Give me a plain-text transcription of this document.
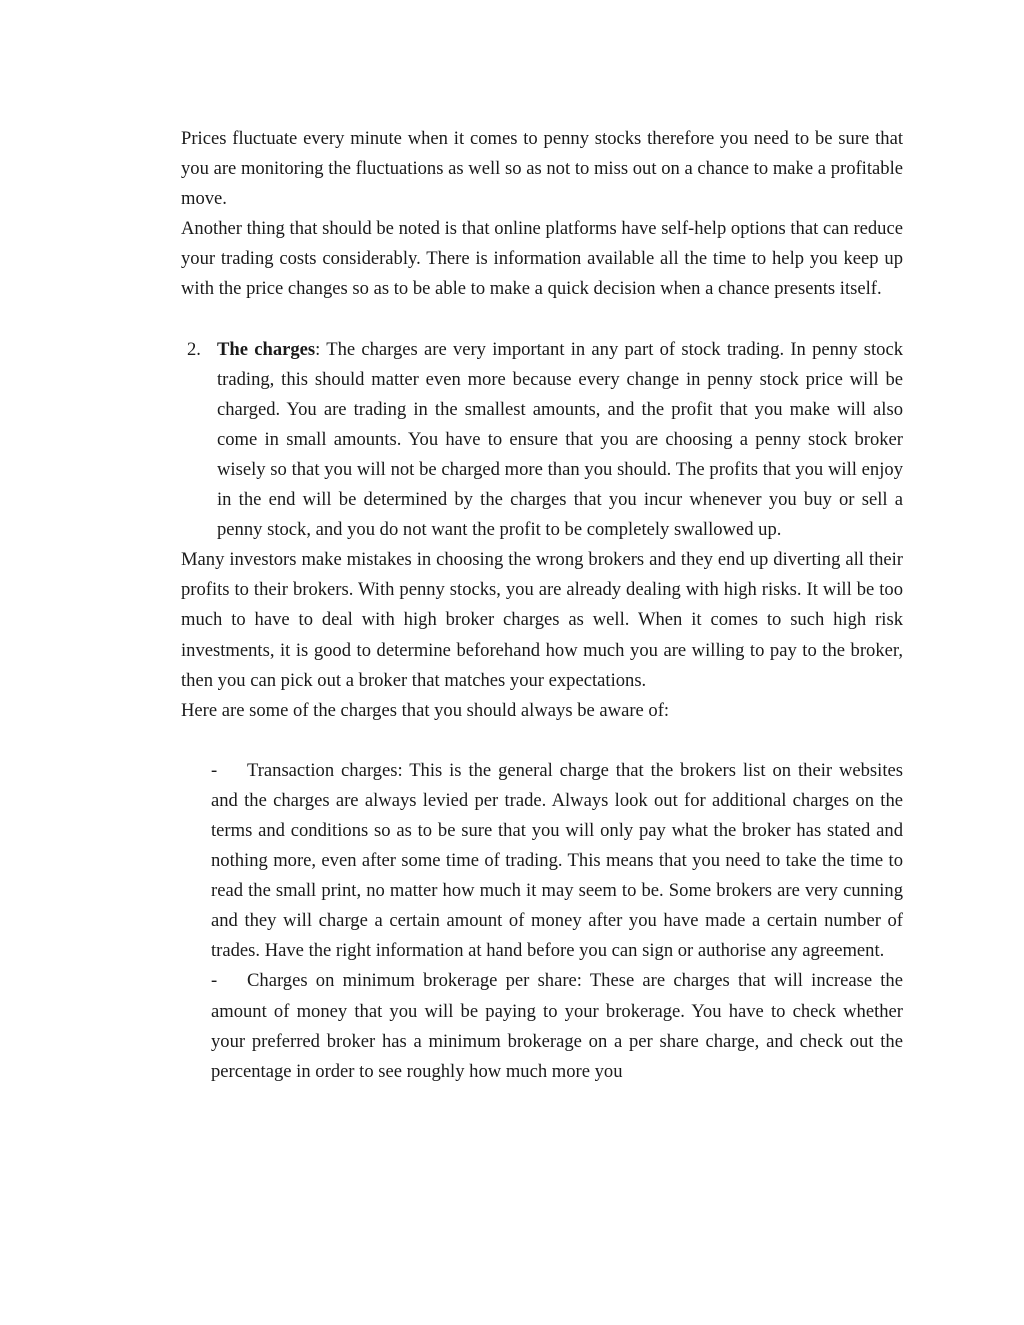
Prices fluctuate every minute when it comes to penny stocks therefore you need to be sure that you are monitoring the fluctuations as well so as not to miss out on a chance to make a profitable move.

Another thing that should be noted is that online platforms have self-help options that can reduce your trading costs considerably. There is information available all the time to help you keep up with the price changes so as to be able to make a quick decision when a chance presents itself.

2. The charges: The charges are very important in any part of stock trading. In penny stock trading, this should matter even more because every change in penny stock price will be charged. You are trading in the smallest amounts, and the profit that you make will also come in small amounts. You have to ensure that you are choosing a penny stock broker wisely so that you will not be charged more than you should. The profits that you will enjoy in the end will be determined by the charges that you incur whenever you buy or sell a penny stock, and you do not want the profit to be completely swallowed up.

Many investors make mistakes in choosing the wrong brokers and they end up diverting all their profits to their brokers. With penny stocks, you are already dealing with high risks. It will be too much to have to deal with high broker charges as well. When it comes to such high risk investments, it is good to determine beforehand how much you are willing to pay to the broker, then you can pick out a broker that matches your expectations.

Here are some of the charges that you should always be aware of:

- Transaction charges: This is the general charge that the brokers list on their websites and the charges are always levied per trade. Always look out for additional charges on the terms and conditions so as to be sure that you will only pay what the broker has stated and nothing more, even after some time of trading. This means that you need to take the time to read the small print, no matter how much it may seem to be. Some brokers are very cunning and they will charge a certain amount of money after you have made a certain number of trades. Have the right information at hand before you can sign or authorise any agreement.

- Charges on minimum brokerage per share: These are charges that will increase the amount of money that you will be paying to your brokerage. You have to check whether your preferred broker has a minimum brokerage on a per share charge, and check out the percentage in order to see roughly how much more you
